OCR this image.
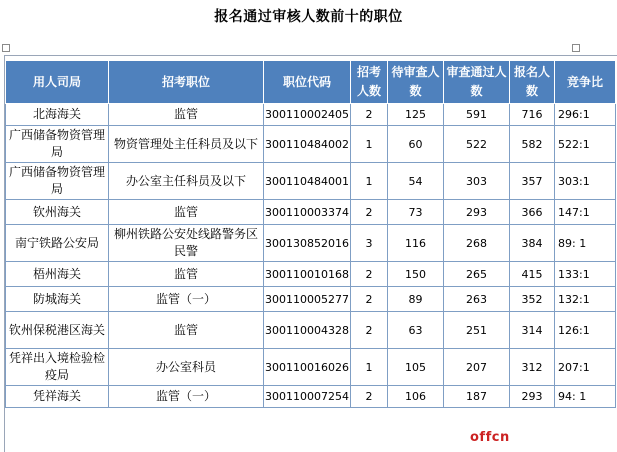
报名通过审核人数前十的职位
用人司局	招考职位	职位代码	招考人数	待审查人数	审查通过人数	报名人数	竞争比
北海海关	监管	300110002405	2	125	591	716	296:1
广西储备物资管理局	物资管理处主任科员及以下	300110484002	1	60	522	582	522:1
广西储备物资管理局	办公室主任科员及以下	300110484001	1	54	303	357	303:1
钦州海关	监管	300110003374	2	73	293	366	147:1
南宁铁路公安局	柳州铁路公安处线路警务区民警	300130852016	3	116	268	384	89: 1
梧州海关	监管	300110010168	2	150	265	415	133:1
防城海关	监管（一）	300110005277	2	89	263	352	132:1
钦州保税港区海关	监管	300110004328	2	63	251	314	126:1
凭祥出入境检验检疫局	办公室科员	300110016026	1	105	207	312	207:1
凭祥海关	监管（一）	300110007254	2	106	187	293	94: 1
offcn
